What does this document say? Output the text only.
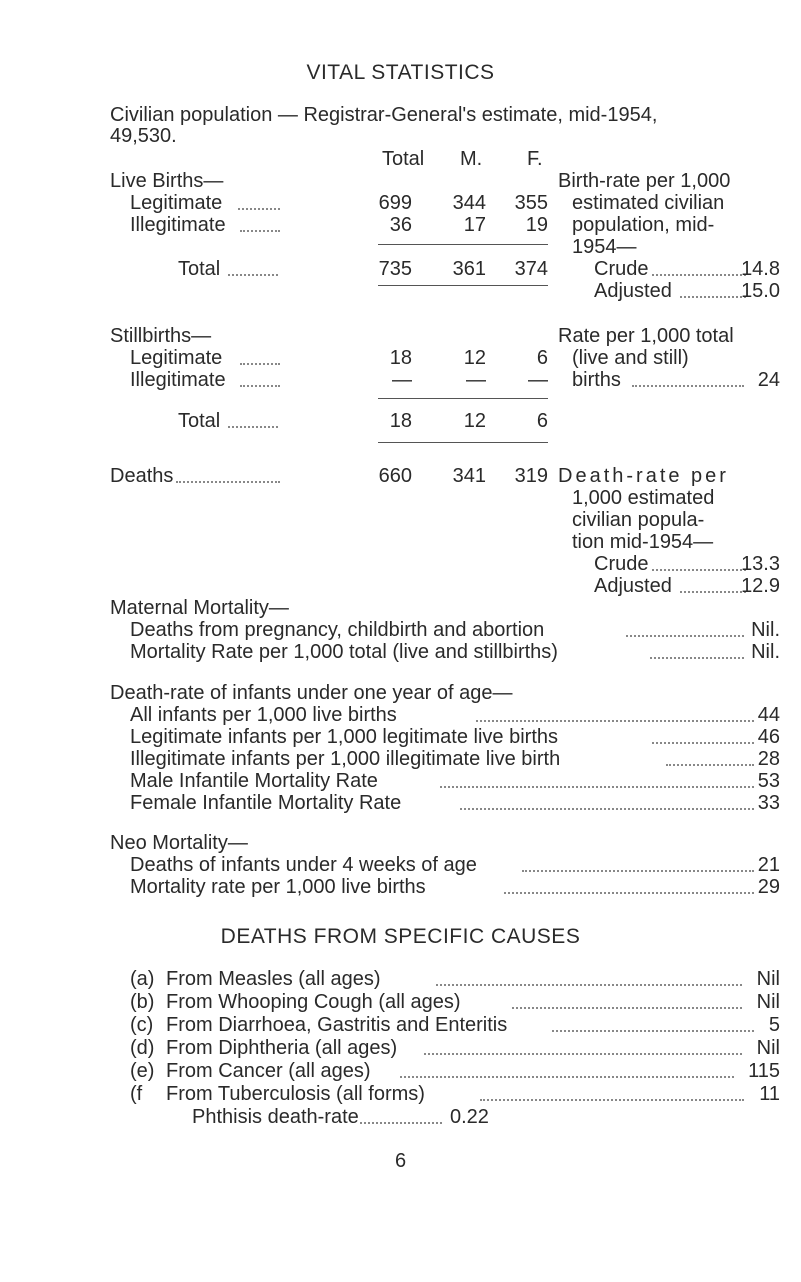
VITAL STATISTICS
Civilian population — Registrar-General's estimate, mid-1954,
49,530.
Total M. F.
Live Births—
Legitimate	699	344	355
Illegitimate	36	17	19
Total	735	361	374
Birth-rate per 1,000
estimated civilian
population, mid-
1954—
Crude	14.8
Adjusted	15.0
Stillbirths—
Legitimate	18	12	6
Illegitimate	—	—	—
Total	18	12	6
Rate per 1,000 total
(live and still)
births	24
Deaths	660	341	319 Death-rate per
1,000 estimated
civilian popula-
tion mid-1954—
Crude	13.3
Adjusted	12.9
Maternal Mortality—
Deaths from pregnancy, childbirth and abortion	Nil.
Mortality Rate per 1,000 total (live and stillbirths)	Nil.
Death-rate of infants under one year of age—
All infants per 1,000 live births	44
Legitimate infants per 1,000 legitimate live births	46
Illegitimate infants per 1,000 illegitimate live birth	28
Male Infantile Mortality Rate	53
Female Infantile Mortality Rate	33
Neo Mortality—
Deaths of infants under 4 weeks of age	21
Mortality rate per 1,000 live births	29
DEATHS FROM SPECIFIC CAUSES
(a) From Measles (all ages)	Nil
(b) From Whooping Cough (all ages)	Nil
(c) From Diarrhoea, Gastritis and Enteritis	5
(d) From Diphtheria (all ages)	Nil
(e) From Cancer (all ages)	115
(f From Tuberculosis (all forms)	11
Phthisis death-rate	0.22
6
